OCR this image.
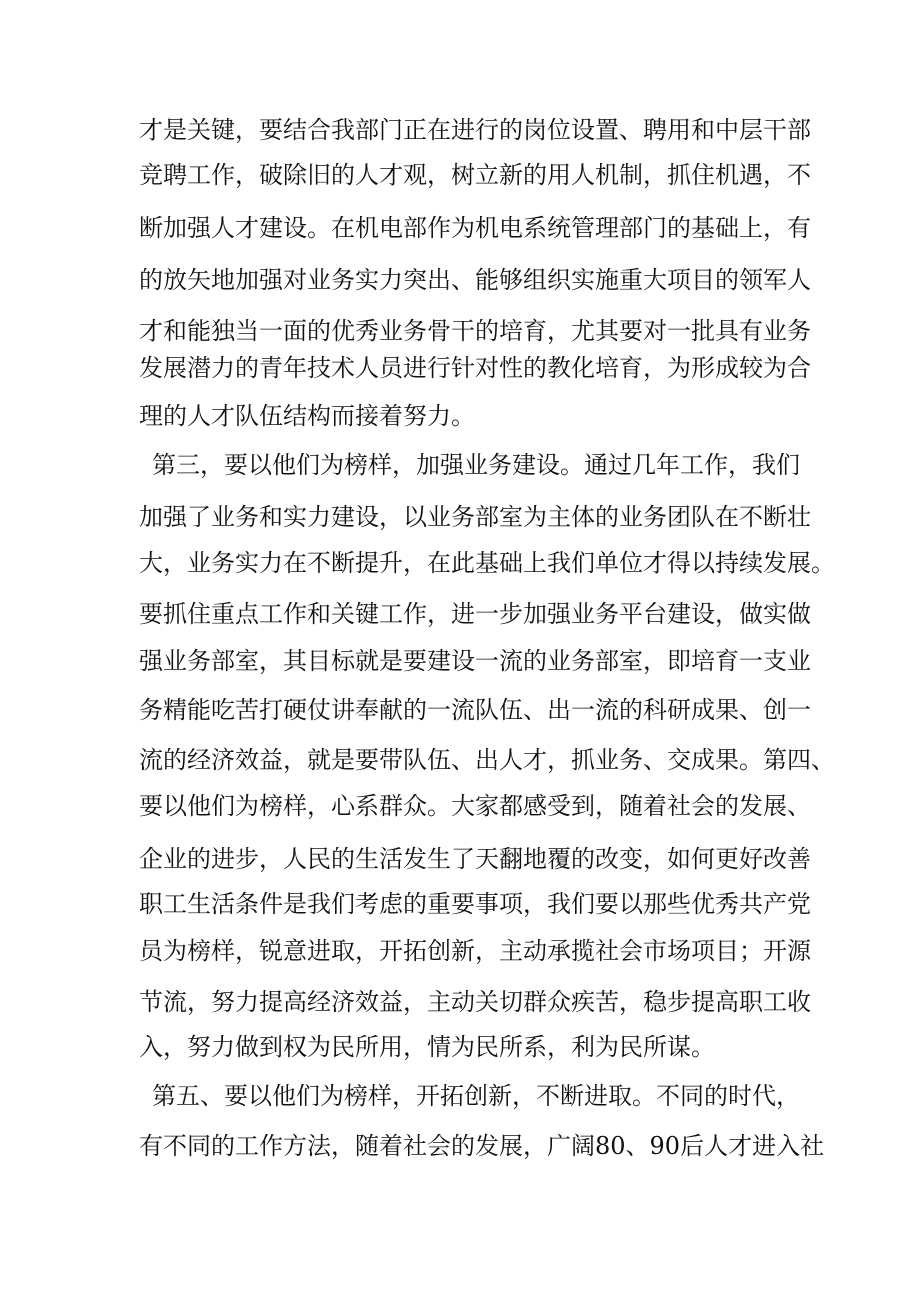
才是关键，要结合我部门正在进行的岗位设置、聘用和中层干部
竞聘工作，破除旧的人才观，树立新的用人机制，抓住机遇，不
断加强人才建设。在机电部作为机电系统管理部门的基础上，有
的放矢地加强对业务实力突出、能够组织实施重大项目的领军人
才和能独当一面的优秀业务骨干的培育，尤其要对一批具有业务
发展潜力的青年技术人员进行针对性的教化培育，为形成较为合
理的人才队伍结构而接着努力。
第三，要以他们为榜样，加强业务建设。通过几年工作，我们
加强了业务和实力建设，以业务部室为主体的业务团队在不断壮
大，业务实力在不断提升，在此基础上我们单位才得以持续发展。
要抓住重点工作和关键工作，进一步加强业务平台建设，做实做
强业务部室，其目标就是要建设一流的业务部室，即培育一支业
务精能吃苦打硬仗讲奉献的一流队伍、出一流的科研成果、创一
流的经济效益，就是要带队伍、出人才，抓业务、交成果。第四、
要以他们为榜样，心系群众。大家都感受到，随着社会的发展、
企业的进步，人民的生活发生了天翻地覆的改变，如何更好改善
职工生活条件是我们考虑的重要事项，我们要以那些优秀共产党
员为榜样，锐意进取，开拓创新，主动承揽社会市场项目；开源
节流，努力提高经济效益，主动关切群众疾苦，稳步提高职工收
入，努力做到权为民所用，情为民所系，利为民所谋。
第五、要以他们为榜样，开拓创新，不断进取。不同的时代，
有不同的工作方法，随着社会的发展，广阔80、90后人才进入社
